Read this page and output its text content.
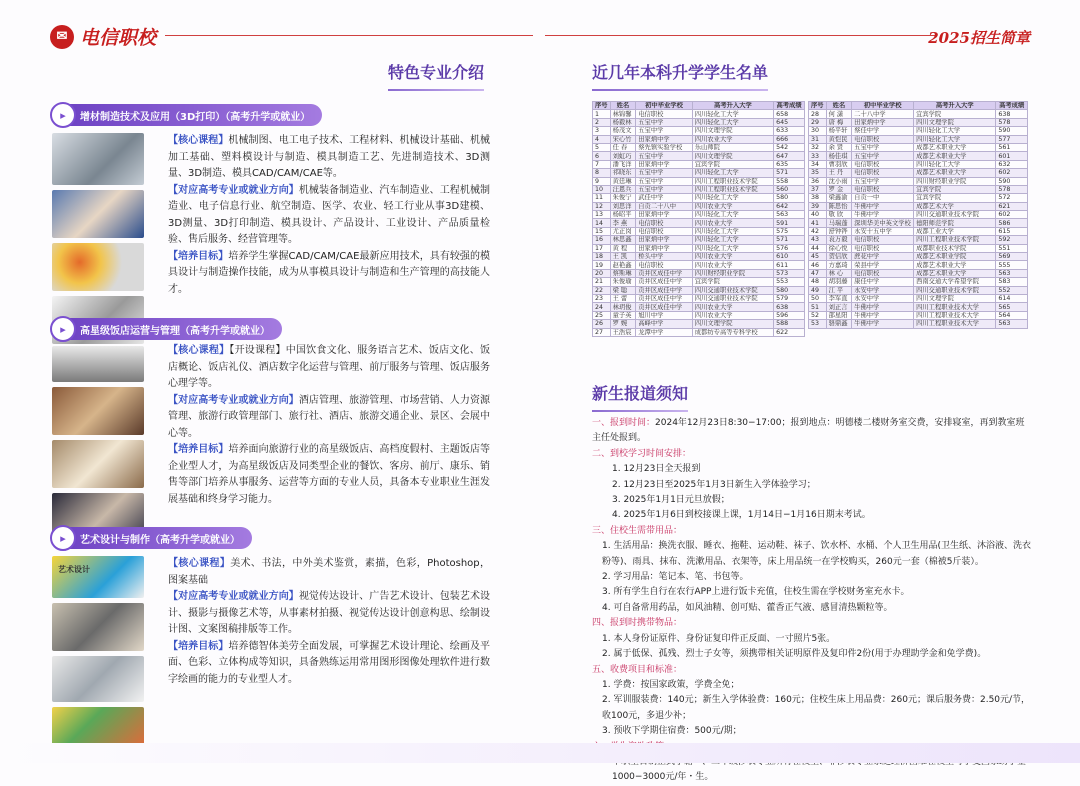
✉ 电信职校	2025招生简章
特色专业介绍	近几年本科升学学生名单
▸	增材制造技术及应用（3D打印）（高考升学或就业）

【核心课程】机械制图、电工电子技术、工程材料、机械设计基础、机械加工基础、塑料模设计与制造、模具制造工艺、先进制造技术、3D测量、3D制造、模具CAD/CAM/CAE等。

【对应高考专业或就业方向】机械装备制造业、汽车制造业、工程机械制造业、电子信息行业、航空制造、医学、农业、轻工行业从事3D建模、3D测量、3D打印制造、模具设计、产品设计、工业设计、产品质量检验、售后服务、经营管理等。

【培养目标】培养学生掌握CAD/CAM/CAE最新应用技术，具有较强的模具设计与制造操作技能，成为从事模具设计与制造和生产管理的高技能人才。

▸	高星级饭店运营与管理（高考升学或就业）

【核心课程】【开设课程】中国饮食文化、服务语言艺术、饭店文化、饭店概论、饭店礼仪、酒店数字化运营与管理、前厅服务与管理、饭店服务心理学等。

【对应高考专业或就业方向】酒店管理、旅游管理、市场营销、人力资源管理、旅游行政管理部门、旅行社、酒店、旅游交通企业、景区、会展中心等。

【培养目标】培养面向旅游行业的高星级饭店、高档度假村、主题饭店等企业型人才，为高星级饭店及同类型企业的餐饮、客房、前厅、康乐、销售等部门培养从事服务、运营等方面的专业人员，具备本专业职业生涯发展基础和终身学习能力。

▸	艺术设计与制作（高考升学或就业）
艺术设计

【核心课程】美术、书法，中外美术鉴赏，素描，色彩，Photoshop，图案基础

【对应高考专业或就业方向】视觉传达设计、广告艺术设计、包装艺术设计、摄影与摄像艺术等，从事素材拍摄、视觉传达设计创意构思、绘制设计图、文案图稿排版等工作。

【培养目标】培养德智体美劳全面发展，可掌握艺术设计理论、绘画及平面、色彩、立体构成等知识，具备熟练运用常用图形图像处理软件进行数字绘画的能力的专业型人才。

序号	姓名	初中毕业学校	高考升入大学	高考成绩
1	林锦馨	电信职校	四川轻化工大学	658
2	杨毅林	五宝中学	四川轻化工大学	645
3	杨茂文	五宝中学	四川文理学院	633
4	宋心竹	田家炳中学	四川农业大学	666
5	任 春	蔡先镇实验学校	乐山师院	542
6	刘虹巧	五宝中学	四川文理学院	647
7	潘飞洋	田家炳中学	宜宾学院	635
8	祁晓东	五宝中学	四川轻化工大学	571
9	黄廷琳	五宝中学	四川工程职业技术学院	558
10	汪恩兵	五宝中学	四川工程职业技术学院	560
11	朱俊宁	武佳中学	四川轻化工大学	580
12	刘思洋	自贡二十八中	四川农业大学	642
13	杨昭平	田家炳中学	四川轻化工大学	563
14	李 燕	电信职校	四川农业大学	591
15	尤正岗	电信职校	四川轻化工大学	575
16	林思鑫	田家炳中学	四川轻化工大学	571
17	黄 程	田家炳中学	四川轻化工大学	576
18	王 凯	桥头中学	四川农业大学	610
19	赵艳鑫	电信职校	四川农业大学	611
20	蔡斯琳	贡井区成佳中学	四川财经职业学院	573
21	朱俊瑜	贡井区成佳中学	宜宾学院	553
22	梁 聪	贡井区成佳中学	四川交通职业技术学院	580
23	王 蕾	贡井区成佳中学	四川交通职业技术学院	579
24	林玥俊	贡井区成佳中学	四川农业大学	638
25	童子英	旭川中学	四川农业大学	596
26	罗 婉	高峰中学	四川文理学院	588
27	王浩宸	龙潭中学	成都纺专高等专科学校	622
序号	姓名	初中毕业学校	高考升入大学	高考成绩
28	何 潇	二十八中学	宜宾学院	638
29	唐 梅	田家炳中学	四川文理学院	578
30	杨平轩	蔡佳中学	四川轻化工大学	590
31	黄恺民	电信职校	四川轻化工大学	577
32	余 贤	五宝中学	成都艺术职业大学	561
33	杨佳琪	五宝中学	成都艺术职业大学	601
34	曹羽欣	电信职校	四川轻化工大学	632
35	王 丹	电信职校	成都艺术职业大学	602
36	沈小雨	五宝中学	四川财经职业学院	590
37	罗 金	电信职校	宜宾学院	578
38	梁鑫渝	自贡一中	宜宾学院	572
39	陈思怡	牛佛中学	成都艺术大学	621
40	敬 欣	牛佛中学	四川交通职业技术学院	602
41	马瑞蓬	深圳华美中英文学校	德阳师范学院	586
42	舒钟铧	永安十五中学	成都工业大学	615
43	袁万毅	电信职校	四川工程职业技术学院	592
44	徐心悦	电信职校	成都职业技术学院	551
45	贺信欣	蔗花中学	成都艺术职业学院	569
46	方嘉琦	荣县中学	成都艺术职业大学	555
47	林 心	电信职校	成都艺术职业大学	563
48	胡羽藤	康佳中学	西南交通大学希望学院	583
49	江 平	永安中学	四川交通职业技术学院	552
50	李军直	永安中学	四川文理学院	614
51	刘正言	牛佛中学	四川工程职业技术大学	565
52	邵星阳	牛佛中学	四川工程职业技术大学	564
53	骆鼎鑫	牛佛中学	四川工程职业技术大学	563
新生报道须知
一、报到时间：2024年12月23日8:30−17:00；报到地点：明德楼二楼财务室交费，安排寝室，再到教室班主任处报到。
二、到校学习时间安排：
1. 12月23日全天报到
2. 12月23日至2025年1月3日新生入学体验学习；
3. 2025年1月1日元旦放假；
4. 2025年1月6日到校接课上课，1月14日−1月16日期末考试。
三、住校生需带用品：
1. 生活用品：换洗衣服、睡衣、拖鞋、运动鞋、袜子、饮水杯、水桶、个人卫生用品(卫生纸、沐浴液、洗衣粉等)、雨具、抹布、洗漱用品、衣架等，床上用品统一在学校购买，260元一套（棉被5斤装）。
2. 学习用品：笔记本、笔、书包等。
3. 所有学生自行在农行APP上进行饭卡充值，住校生需在学校财务室充水卡。
4. 可自备常用药品，如风油精、创可贴、藿香正气液、感冒清热颗粒等。
四、报到时携带物品：
1. 本人身份证原件、身份证复印件正反面、一寸照片5张。
2. 属于低保、孤残、烈士子女等，须携带相关证明原件及复印件2份(用于办理助学金和免学费)。
五、收费项目和标准：
1. 学费：按国家政策，学费全免；
2. 军训服装费：140元；新生入学体验费：160元；住校生床上用品费：260元；课后服务费：2.50元/节，收100元，多退少补；
3. 预收下学期住宿费：500元/期；
1000−3000元/年・生。
